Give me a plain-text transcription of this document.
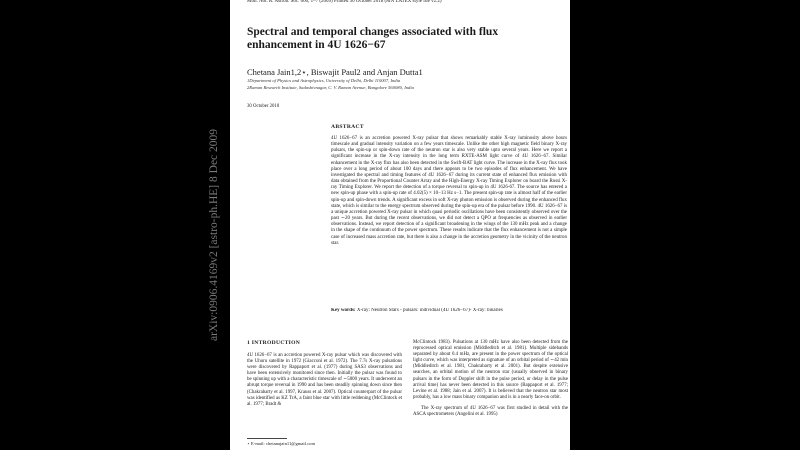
Mon. Not. R. Astron. Soc. 000, 1–7 (2009) Printed 30 October 2018 (MN LATEX style file v2.2)
Spectral and temporal changes associated with flux enhancement in 4U 1626−67
Chetana Jain1,2⋆, Biswajit Paul2 and Anjan Dutta1
1Department of Physics and Astrophysics, University of Delhi, Delhi 110007, India
2Raman Research Institute, Sadashivnagar, C. V. Raman Avenue, Bangalore 560080, India
30 October 2018
arXiv:0906.4169v2 [astro-ph.HE] 8 Dec 2009
ABSTRACT
4U 1626−67 is an accretion powered X-ray pulsar that shows remarkably stable X-ray luminosity above hours timescale and gradual intensity variation on a few years timescale. Unlike the other high magnetic field binary X-ray pulsars, the spin-up or spin-down rate of the neutron star is also very stable upto several years. Here we report a significant increase in the X-ray intensity in the long term RXTE-ASM light curve of 4U 1626−67. Similar enhancement in the X-ray flux has also been detected in the Swift-BAT light curve. The increase in the X-ray flux took place over a long period of about 100 days and there appears to be two episodes of flux enhancement. We have investigated the spectral and timing features of 4U 1626−67 during its current state of enhanced flux emission with data obtained from the Proportional Counter Array and the High-Energy X-ray Timing Explorer on board the Rossi X-ray Timing Explorer. We report the detection of a torque reversal to spin-up in 4U 1626-67. The source has entered a new spin-up phase with a spin-up rate of 4.02(5) × 10−13 Hz s−1. The present spin-up rate is almost half of the earlier spin-up and spin-down trends. A significant excess in soft X-ray photon emission is observed during the enhanced flux state, which is similar to the energy spectrum observed during the spin-up era of the pulsar before 1990. 4U 1626−67 is a unique accretion powered X-ray pulsar in which quasi periodic oscillations have been consistently observed over the past ∼20 years. But during the recent observations, we did not detect a QPO at frequencies as observed in earlier observations. Instead, we report detection of a significant broadening in the wings of the 130 mHz peak and a change in the shape of the continuum of the power spectrum. These results indicate that the flux enhancement is not a simple case of increased mass accretion rate, but there is also a change in the accretion geometry in the vicinity of the neutron star.
Key words: X-ray: Neutron Stars - pulsars: individual (4U 1626−67)- X-ray: binaries
1 INTRODUCTION
4U 1626−67 is an accretion powered X-ray pulsar which was discovered with the Uhuru satellite in 1972 (Giacconi et al. 1972). The 7.7s X-ray pulsations were discovered by Rappaport et al. (1977) during SAS3 observations and have been extensively monitored since then. Initially the pulsar was found to be spinning up with a characteristic timescale of ∼5000 years. It underwent an abrupt torque reversal in 1990 and has been steadily spinning down since then (Chakrabarty et al. 1997, Krauss et al. 2007). Optical counterpart of the pulsar was identified as KZ TrA, a faint blue star with little reddening (McClintock et al. 1977; Bradt &
McClintock 1983). Pulsations at 130 mHz have also been detected from the reprocessed optical emission (Middleditch et al. 1981). Multiple sidebands separated by about 0.4 mHz, are present in the power spectrum of the optical light curve, which was interpreted as signature of an orbital period of ∼42 min (Middleditch et al. 1981, Chakrabarty et al. 2001). But despite extensive searches, an orbital motion of the neutron star (usually observed in binary pulsars in the form of Doppler shift in the pulse period, or delay in the pulse arrival time) has never been detected in this source (Rappaport et al. 1977; Levine et al. 1988; Jain et al. 2007). It is believed that the neutron star most probably, has a low mass binary companion and is in a nearly face-on orbit.
The X-ray spectrum of 4U 1626−67 was first studied in detail with the ASCA spectrometers (Angelini et al. 1995)
⋆ E-mail: chetanajain11@gmail.com
